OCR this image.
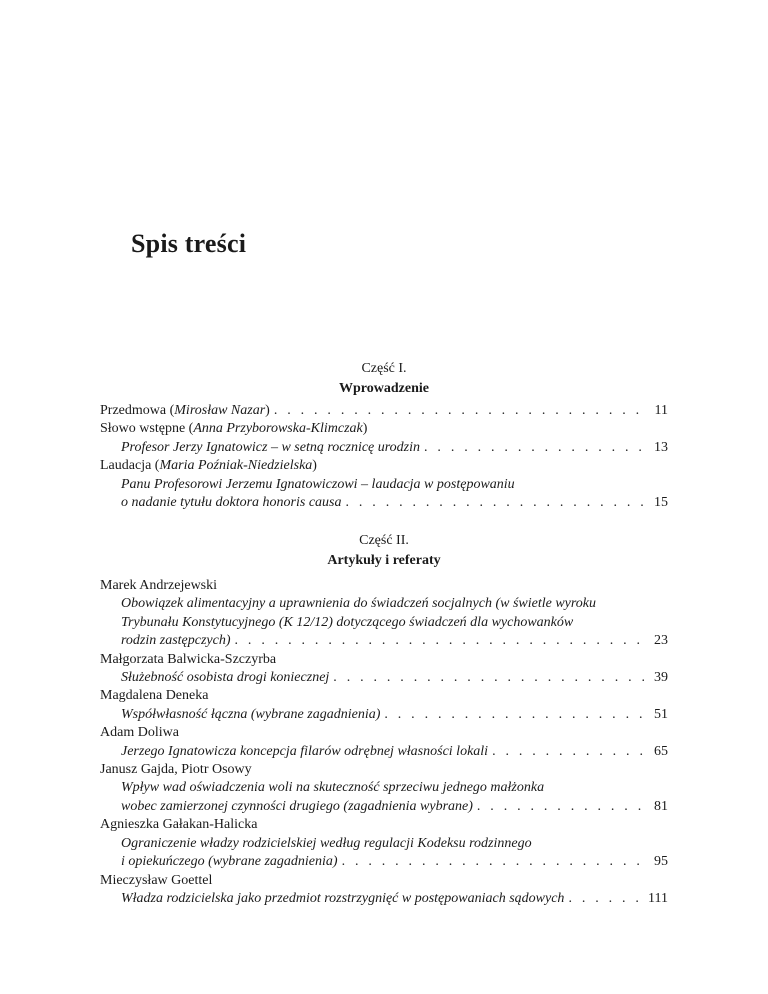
Spis treści
Część I.
Wprowadzenie
Przedmowa (Mirosław Nazar) . . .	11
Słowo wstępne (Anna Przyborowska-Klimczak)
Profesor Jerzy Ignatowicz – w setną rocznicę urodzin . . .	13
Laudacja (Maria Poźniak-Niedzielska)
Panu Profesorowi Jerzemu Ignatowiczowi – laudacja w postępowaniu
o nadanie tytułu doktora honoris causa . . .	15
Część II.
Artykuły i referaty
Marek Andrzejewski
Obowiązek alimentacyjny a uprawnienia do świadczeń socjalnych (w świetle wyroku
Trybunału Konstytucyjnego (K 12/12) dotyczącego świadczeń dla wychowanków
rodzin zastępczych) . . .	23
Małgorzata Balwicka-Szczyrba
Służebność osobista drogi koniecznej . . .	39
Magdalena Deneka
Współwłasność łączna (wybrane zagadnienia) . . .	51
Adam Doliwa
Jerzego Ignatowicza koncepcja filarów odrębnej własności lokali . . .	65
Janusz Gajda, Piotr Osowy
Wpływ wad oświadczenia woli na skuteczność sprzeciwu jednego małżonka
wobec zamierzonej czynności drugiego (zagadnienia wybrane) . . .	81
Agnieszka Gałakan-Halicka
Ograniczenie władzy rodzicielskiej według regulacji Kodeksu rodzinnego
i opiekuńczego (wybrane zagadnienia) . . .	95
Mieczysław Goettel
Władza rodzicielska jako przedmiot rozstrzygnięć w postępowaniach sądowych . . .	111
